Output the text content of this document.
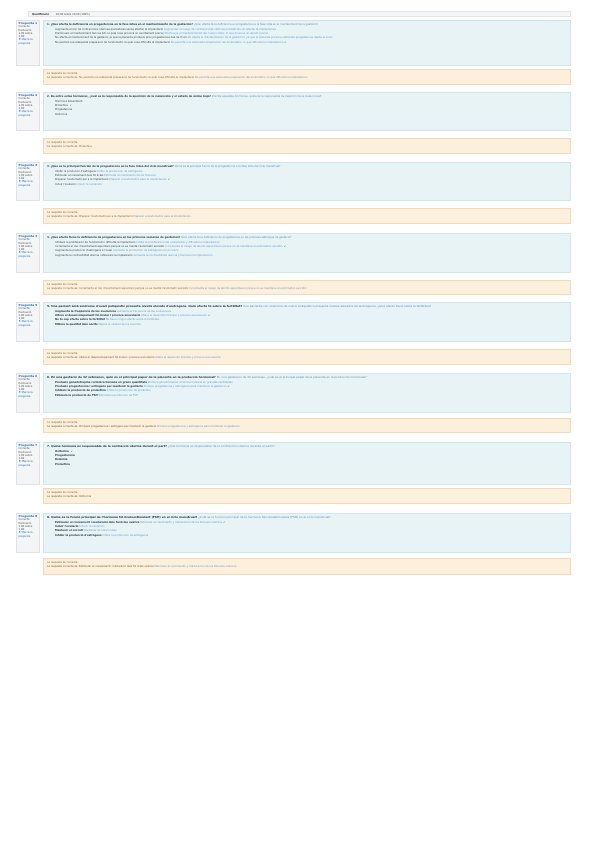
Qualificació	10,00 sobre 10,00 (100%)
Pregunta 1
Correcte
Puntuació 1,00 sobre 1,00
⚑ Marca la pregunta
1. ¿Qué afecta la deficiencia en progesterona en la fase lútea en el mantenimiento de la gestación? ¿Quin efecte té la deficiència en progesterona a la fase lútia en el manteniment de la gestació?
Augmenta el risc de contraccions uterines prematures sense afectar la implantació Augmentar el riesgo de contracciones uterinas prematuras sin afectar la implantación
Disminueix el manteniment del cos luti, la qual cosa provoca un avortament precoç Disminuye el mantenimiento del cuerpo lúteo, lo que provoca un aborto precoz
No afecta el manteniment de la gestació, ja que la placenta produeix prou progesterona des de l'inici No afecta el mantenimiento de la gestación, ya que la placenta produce suficiente progesterona desde el inicio
No permet una adequada preparació de l'endometri, la qual cosa dificulta la implantació No permite una adecuada preparación del endometrio, lo que dificulta la implantación✔
La resposta és correcta.
La resposta correcta és: No permet una adequada preparació de l'endometri, la qual cosa dificulta la implantació No permite una adecuada preparación del endometrio, lo que dificulta la implantación
Pregunta 2
Correcte
Puntuació 1,00 sobre 1,00
⚑ Marca la pregunta
2. De entre estas hormonas, ¿cuál es la responsable de la aparición de la melancolía y el estado de ánimo bajo? D'entre aquestes hormones, quina és la responsable de l'aparició de la malenconia?
Hormona luteinitzant
Prolactina ✔
Progesterona
Oxitocina
La resposta és correcta.
La resposta correcta és: Prolactina
Pregunta 3
Correcte
Puntuació 1,00 sobre 1,00
⚑ Marca la pregunta
3. ¿Qué es la principal función de la progesterona en la fase lútea del ciclo menstrual? Quina és la principal funció de la progesterona a la fase lútia del cicle menstrual?
Inhibir la producció d'estrògens Inhibir la producción de estrógenos
Estimular el creixement dels fol·licles Estimular el crecimiento de los folículos
Preparar l'endometri per a la implantació Preparar el endometrio para la implantación✔
Induir l'ovulació Inducir la ovulación
La resposta és correcta.
La resposta correcta és: Preparar l'endometri per a la implantació Preparar el endometrio para la implantación
Pregunta 4
Correcte
Puntuació 1,00 sobre 1,00
⚑ Marca la pregunta
4. ¿Qué efecto tiene la deficiencia de progesterona en las primeras semanas de gestación? Quin efecte té la deficiència de progesterona en les primeres setmanes de gestació?
Inhibeix la proliferació de l'endometri i dificulta la implantació Inhibe la proliferación del endometrio y dificulta la implantación
Incrementa el risc d'avortament espontani perquè no es manté l'endometri secretor Incrementa el riesgo de aborto espontáneo porque no se mantiene el endometrio secretor✔
Augmenta la producció d'estrògens a l'ovari Aumenta la producción de estrógenos en el ovario
Augmenta la contractilitat uterina i afavoreix la implantació Aumenta la contractilidad uterina y favorece la implantación
La resposta és correcta.
La resposta correcta és: Incrementa el risc d'avortament espontani perquè no es manté l'endometri secretor Incrementa el riesgo de aborto espontáneo porque no se mantiene el endometrio secretor
Pregunta 5
Correcte
Puntuació 1,00 sobre 1,00
⚑ Marca la pregunta
5. Una pacient amb síndrome d'ovari poliquístic presenta nivells elevats d'andrògens. Quin efecte té sobre la fertilitat? Una paciente con síndrome de ovario poliquístico presenta niveles elevados de andrógenos. ¿Qué efecto tiene sobre la fertilidad?
Augmenta la freqüència de les ovulacions Aumenta la frecuencia de las ovulaciones
Altera el desenvolupament fol·licular i provoca anovulació Altera el desarrollo folicular y provoca anovulación✔
No té cap efecte sobre la fertilitat No tiene ningún efecto sobre la fertilidad
Millora la qualitat dels oòcits Mejora la calidad de los ovocitos
La resposta és correcta.
La resposta correcta és: Altera el desenvolupament fol·licular i provoca anovulació Altera el desarrollo folicular y provoca anovulación
Pregunta 6
Correcte
Puntuació 1,00 sobre 1,00
⚑ Marca la pregunta
6. En una gestació de 32 setmanes, quin és el principal paper de la placenta en la producció hormonal? En una gestación de 32 semanas, ¿cuál es el principal papel de la placenta en la producción hormonal?
Produeix gonadotropina coriònica humana en grans quantitats Produce gonadotropina coriónica humana en grandes cantidades
Produeix progesterona i estrògens per mantenir la gestació Produce progesterona y estrógenos para mantener la gestación✔
Inhibeix la producció de prolactina Inhibe la producción de prolactina
Estimula la producció de FSH Estimula la producción de FSH
La resposta és correcta.
La resposta correcta és: Produeix progesterona i estrògens per mantenir la gestació Produce progesterona y estrógenos para mantener la gestación
Pregunta 7
Correcte
Puntuació 1,00 sobre 1,00
⚑ Marca la pregunta
7. Quina hormona és responsable de la contracció uterina durant el part? ¿Qué hormona es responsable de la contracción uterina durante el parto?
Oxitocina ✔
Progesterona
Relaxina
Prolactina
La resposta és correcta.
La resposta correcta és: Oxitocina
Pregunta 8
Correcte
Puntuació 1,00 sobre 1,00
⚑ Marca la pregunta
8. Quina és la funció principal de l'hormona fol·liculoestimulant (FSH) en el cicle menstrual? ¿Cuál es la función principal de la hormona foliculoestimulante (FSH) en el ciclo menstrual?
Estimular el creixement i maduració dels fol·licles ovàrics Estimular el crecimiento y maduración de los folículos ováricos✔
Induir l'ovulació Inducir la ovulación
Mantenir el cos luti Mantener el cuerpo lúteo
Inhibir la producció d'estrògens Inhibir la producción de estrógenos
La resposta és correcta.
La resposta correcta és: Estimular el creixement i maduració dels fol·licles ovàrics Estimular el crecimiento y maduración de los folículos ováricos
